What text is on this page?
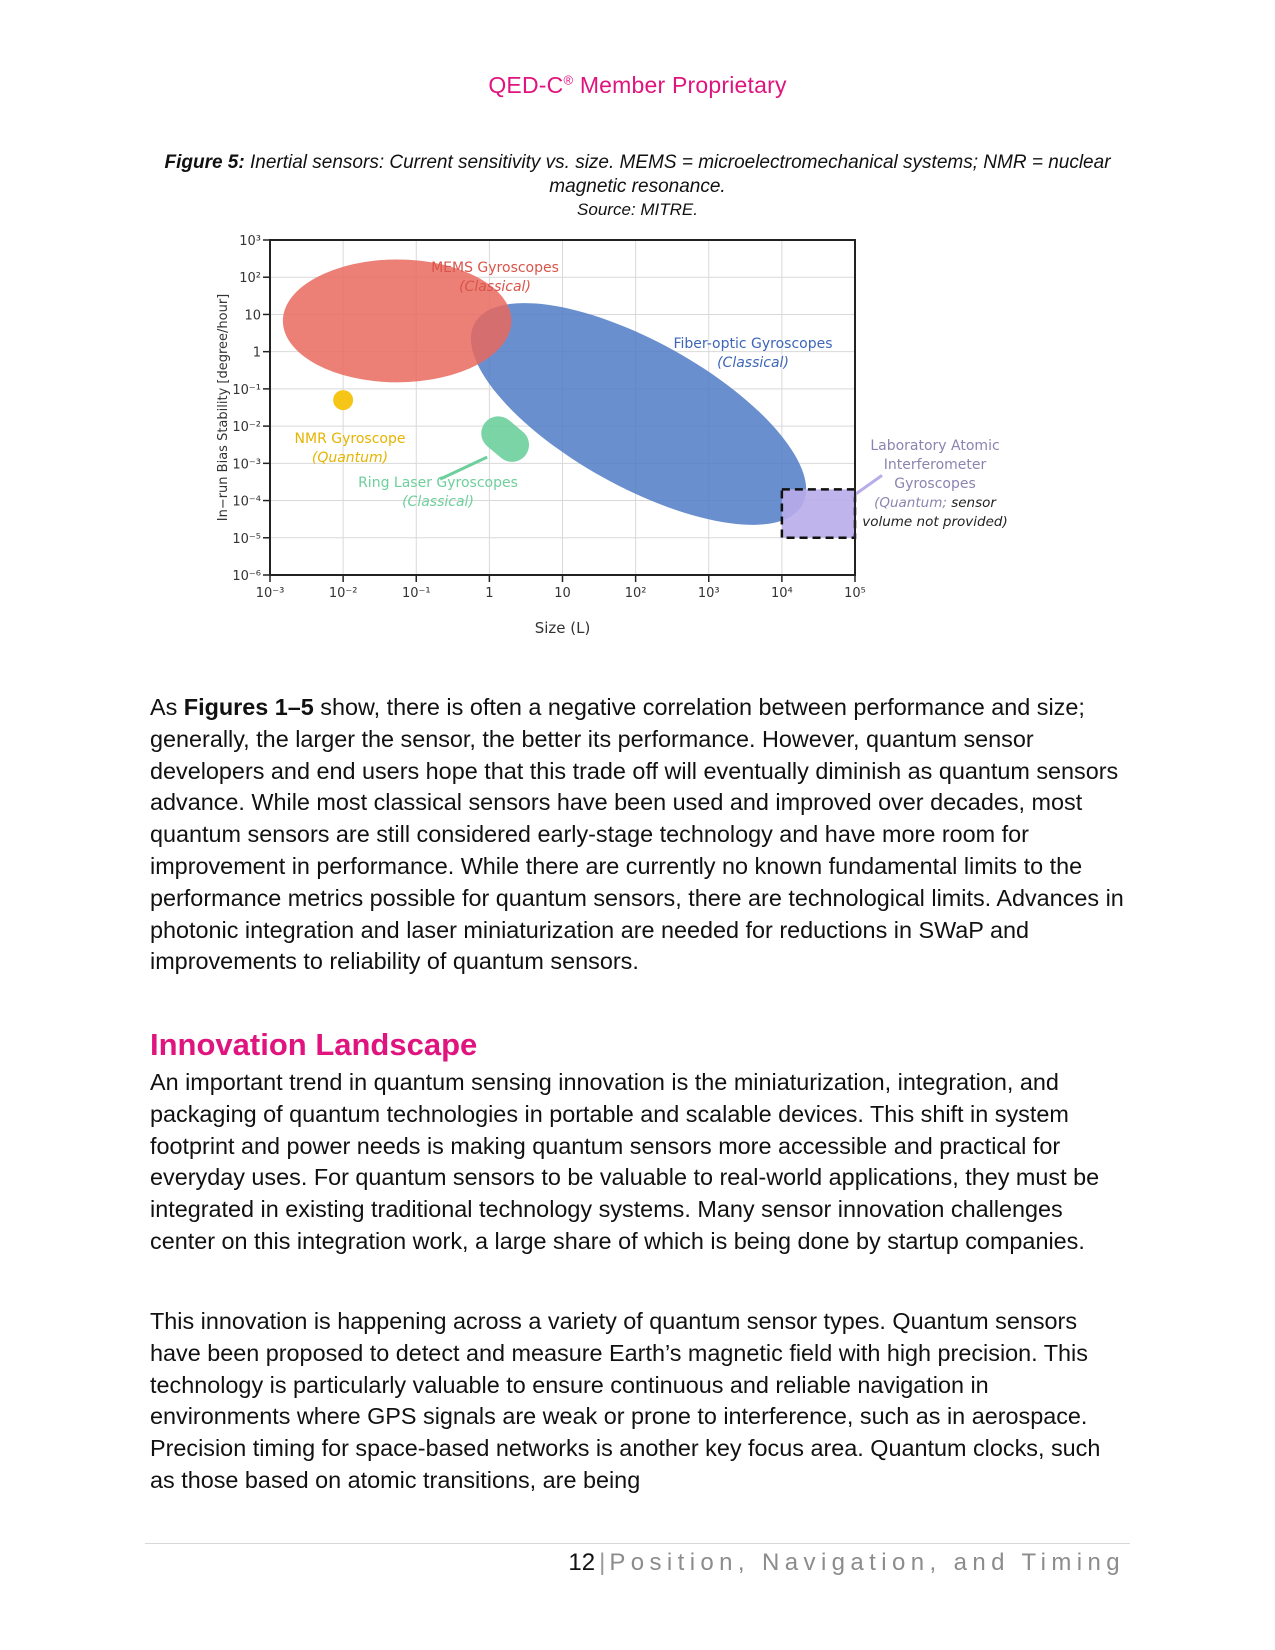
QED-C® Member Proprietary
Figure 5: Inertial sensors: Current sensitivity vs. size. MEMS = microelectromechanical systems; NMR = nuclear magnetic resonance.
Source: MITRE.
10⁻³	10⁻²	10⁻¹	1	10	10²	10³	10⁴	10⁵
10³
10²
10
1
10⁻¹
10⁻²
10⁻³
10⁻⁴
10⁻⁵
10⁻⁶
Size (L)
In−run Bias Stability [degree/hour]
MEMS Gyroscopes
(Classical)
Fiber-optic Gyroscopes
(Classical)
NMR Gyroscope
(Quantum)
Ring Laser Gyroscopes
(Classical)
Laboratory Atomic
Interferometer
Gyroscopes
(Quantum; sensor
volume not provided)

As Figures 1–5 show, there is often a negative correlation between performance and size; generally, the larger the sensor, the better its performance. However, quantum sensor developers and end users hope that this trade off will eventually diminish as quantum sensors advance. While most classical sensors have been used and improved over decades, most quantum sensors are still considered early-stage technology and have more room for improvement in performance. While there are currently no known fundamental limits to the performance metrics possible for quantum sensors, there are technological limits. Advances in photonic integration and laser miniaturization are needed for reductions in SWaP and improvements to reliability of quantum sensors.

Innovation Landscape

An important trend in quantum sensing innovation is the miniaturization, integration, and packaging of quantum technologies in portable and scalable devices. This shift in system footprint and power needs is making quantum sensors more accessible and practical for everyday uses. For quantum sensors to be valuable to real-world applications, they must be integrated in existing traditional technology systems. Many sensor innovation challenges center on this integration work, a large share of which is being done by startup companies.

This innovation is happening across a variety of quantum sensor types. Quantum sensors have been proposed to detect and measure Earth’s magnetic field with high precision. This technology is particularly valuable to ensure continuous and reliable navigation in environments where GPS signals are weak or prone to interference, such as in aerospace. Precision timing for space-based networks is another key focus area. Quantum clocks, such as those based on atomic transitions, are being

12 | Position, Navigation, and Timing
